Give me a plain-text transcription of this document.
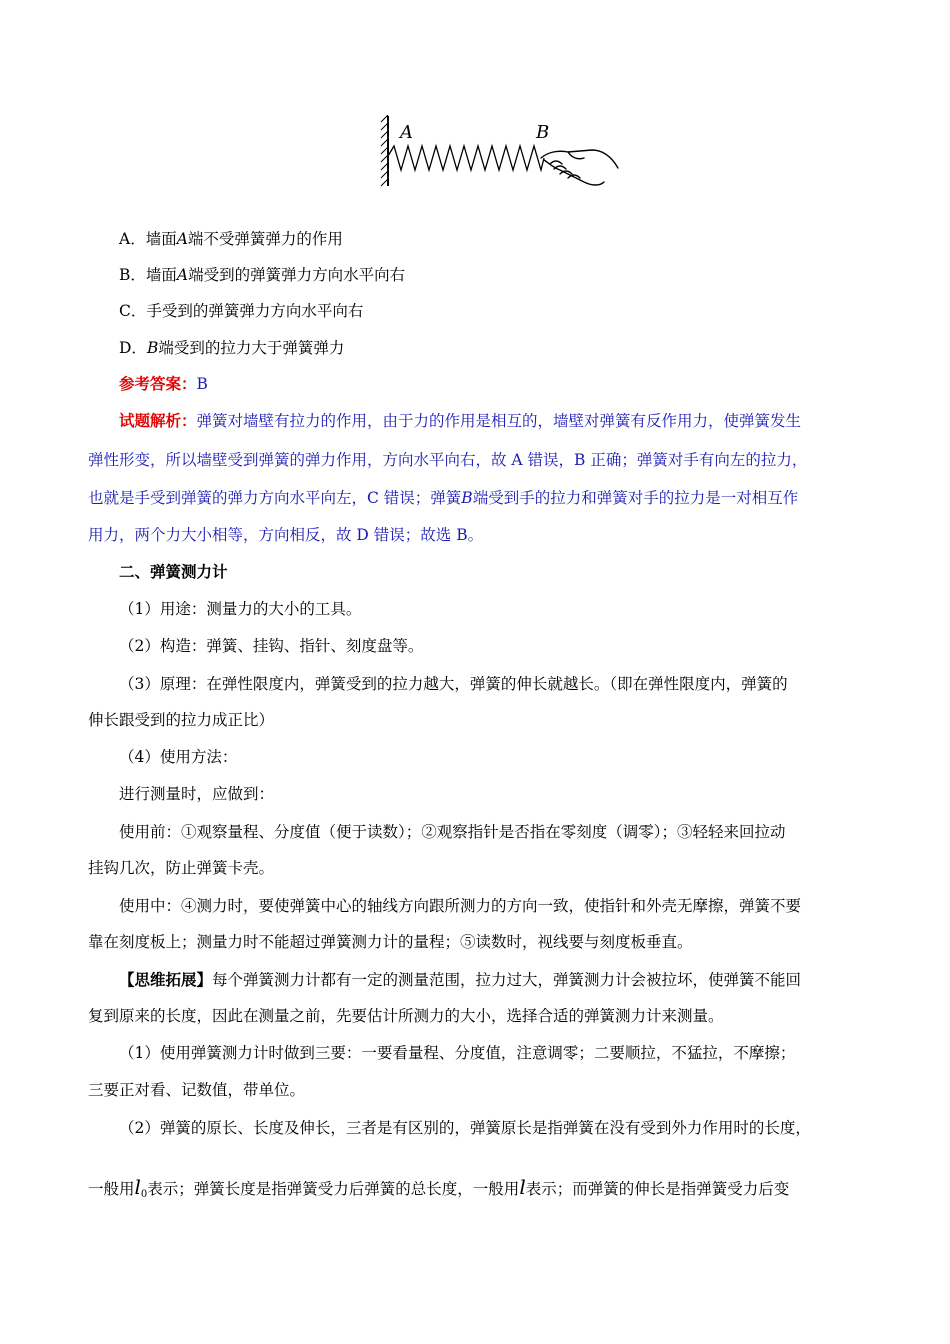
A	B
A．墙面A端不受弹簧弹力的作用
B．墙面A端受到的弹簧弹力方向水平向右
C．手受到的弹簧弹力方向水平向右
D．B端受到的拉力大于弹簧弹力
参考答案：B
试题解析：弹簧对墙壁有拉力的作用，由于力的作用是相互的，墙壁对弹簧有反作用力，使弹簧发生
弹性形变，所以墙壁受到弹簧的弹力作用，方向水平向右，故 A 错误，B 正确；弹簧对手有向左的拉力，
也就是手受到弹簧的弹力方向水平向左，C 错误；弹簧B端受到手的拉力和弹簧对手的拉力是一对相互作
用力，两个力大小相等，方向相反，故 D 错误；故选 B。
二、弹簧测力计
（1）用途：测量力的大小的工具。
（2）构造：弹簧、挂钩、指针、刻度盘等。
（3）原理：在弹性限度内，弹簧受到的拉力越大，弹簧的伸长就越长。（即在弹性限度内，弹簧的
伸长跟受到的拉力成正比）
（4）使用方法：
进行测量时，应做到：
使用前：①观察量程、分度值（便于读数）；②观察指针是否指在零刻度（调零）；③轻轻来回拉动
挂钩几次，防止弹簧卡壳。
使用中：④测力时，要使弹簧中心的轴线方向跟所测力的方向一致，使指针和外壳无摩擦，弹簧不要
靠在刻度板上；测量力时不能超过弹簧测力计的量程；⑤读数时，视线要与刻度板垂直。
【思维拓展】每个弹簧测力计都有一定的测量范围，拉力过大，弹簧测力计会被拉坏，使弹簧不能回
复到原来的长度，因此在测量之前，先要估计所测力的大小，选择合适的弹簧测力计来测量。
（1）使用弹簧测力计时做到三要：一要看量程、分度值，注意调零；二要顺拉，不猛拉，不摩擦；
三要正对看、记数值，带单位。
（2）弹簧的原长、长度及伸长，三者是有区别的，弹簧原长是指弹簧在没有受到外力作用时的长度，
一般用$l_0$表示；弹簧长度是指弹簧受力后弹簧的总长度，一般用l表示；而弹簧的伸长是指弹簧受力后变
